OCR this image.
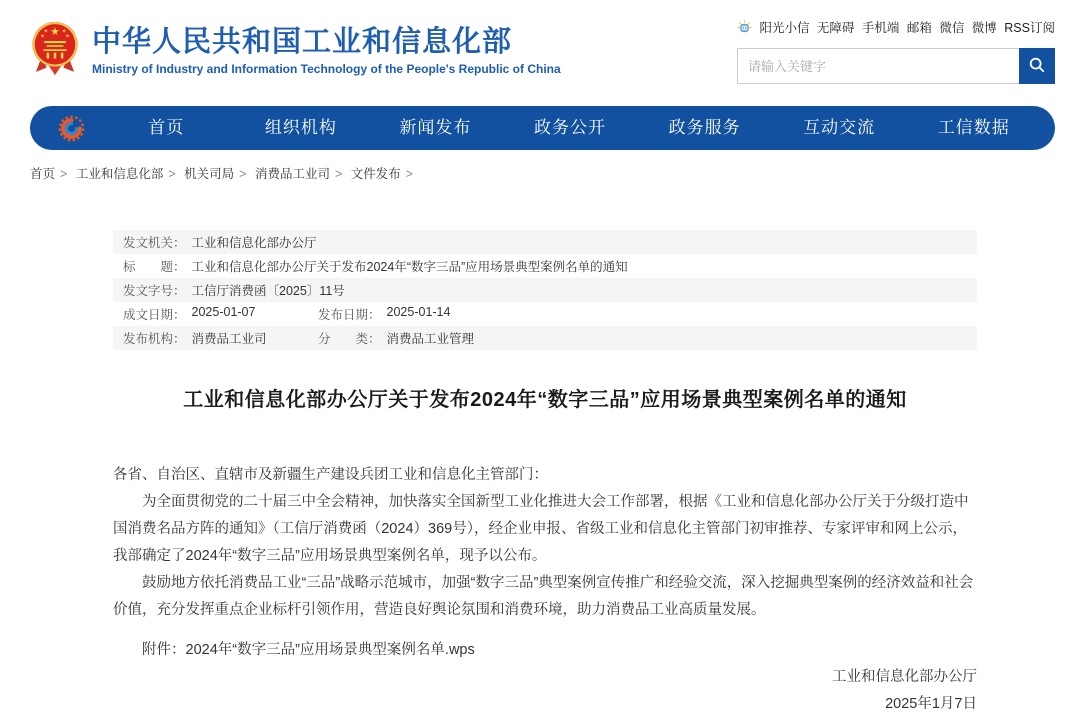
★
★ ★
★	★ 中华人民共和国工业和信息化部
Ministry of Industry and Information Technology of the People's Republic of China
阳光小信 无障碍 手机端 邮箱 微信 微博 RSS订阅
请输入关键字
首页	组织机构	新闻发布	政务公开	政务服务	互动交流	工信数据
首页 > 工业和信息化部 > 机关司局 > 消费品工业司 > 文件发布 >
发文机关： 工业和信息化部办公厅
标　　题： 工业和信息化部办公厅关于发布2024年“数字三品”应用场景典型案例名单的通知
发文字号： 工信厅消费函〔2025〕11号
成文日期： 2025-01-07	发布日期： 2025-01-14
发布机构： 消费品工业司	分　　类： 消费品工业管理
工业和信息化部办公厅关于发布2024年“数字三品”应用场景典型案例名单的通知

各省、自治区、直辖市及新疆生产建设兵团工业和信息化主管部门：

为全面贯彻党的二十届三中全会精神，加快落实全国新型工业化推进大会工作部署，根据《工业和信息化部办公厅关于分级打造中国消费名品方阵的通知》（工信厅消费函（2024）369号），经企业申报、省级工业和信息化主管部门初审推荐、专家评审和网上公示，我部确定了2024年“数字三品”应用场景典型案例名单，现予以公布。

鼓励地方依托消费品工业“三品”战略示范城市，加强“数字三品”典型案例宣传推广和经验交流，深入挖掘典型案例的经济效益和社会价值，充分发挥重点企业标杆引领作用，营造良好舆论氛围和消费环境，助力消费品工业高质量发展。

附件：2024年“数字三品”应用场景典型案例名单.wps
工业和信息化部办公厅
2025年1月7日
